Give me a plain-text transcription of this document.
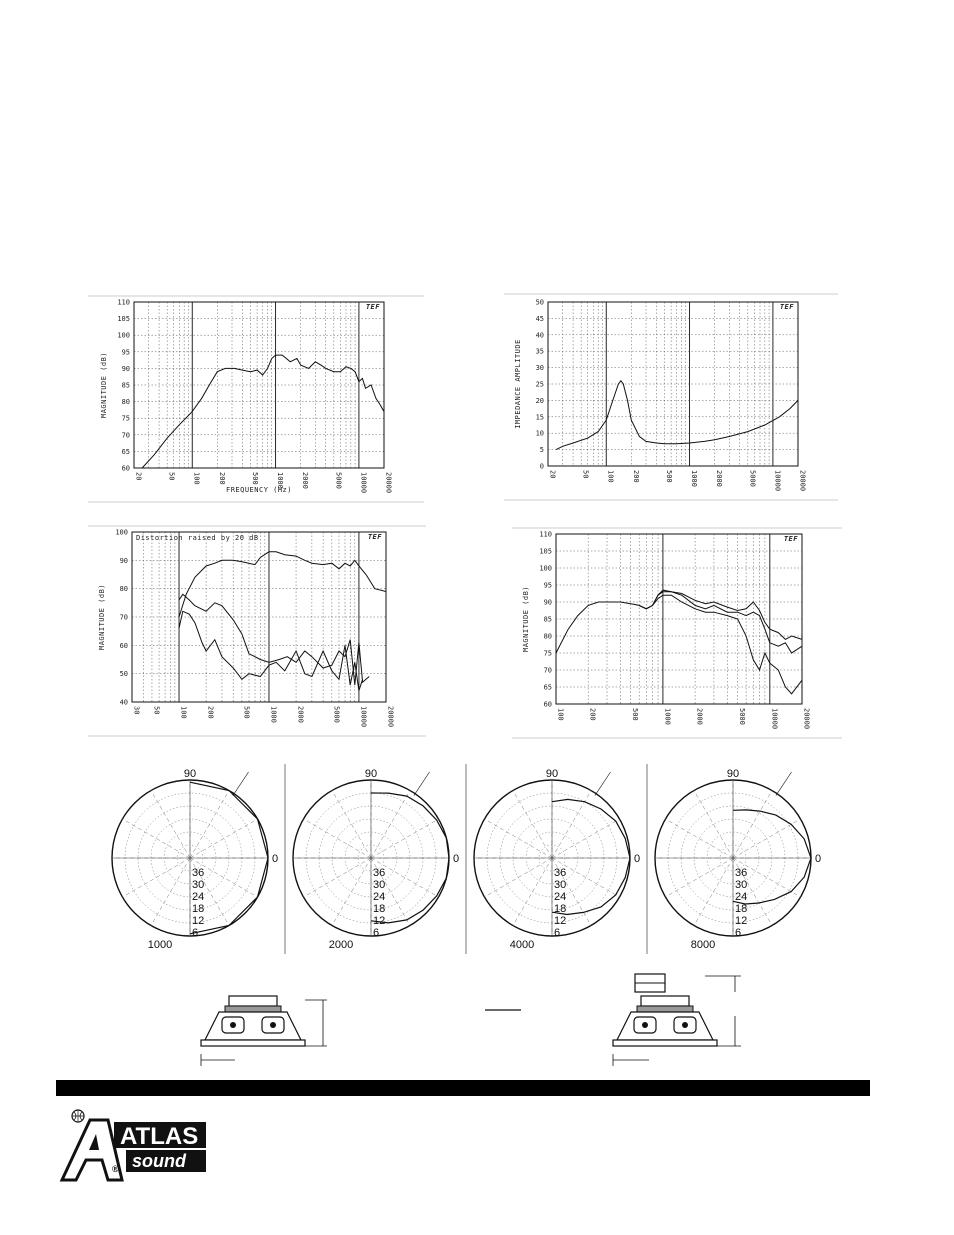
60
65
70
75
80
85
90
95
100
105
110
20	50 100 200	500 1000 2000	5000 10000 20000
MAGNITUDE (dB)
FREQUENCY (Hz)
TEF
0
5
10
15
20
25
30
35
40
45
50
20	50 100 200	500 1000 2000	5000 10000 20000
IMPEDANCE AMPLITUDE
TEF
40
50
60
70
80
90
100
30 50	100	200	500	1000	2000	5000	10000	20000
MAGNITUDE (dB)
Distortion raised by 20 dB	TEF
60
65
70
75
80
85
90
95
100
105
110
100	200	500	1000	2000	5000	10000	20000
MAGNITUDE (dB)
TEF
90
0
36
30
24
18
12
6
1000
90
0
36
30
24
18
12
6
2000
90
0
36
30
24
18
12
6
4000
90
0
36
30
24
18
12
6
8000
ATLAS
sound
®
